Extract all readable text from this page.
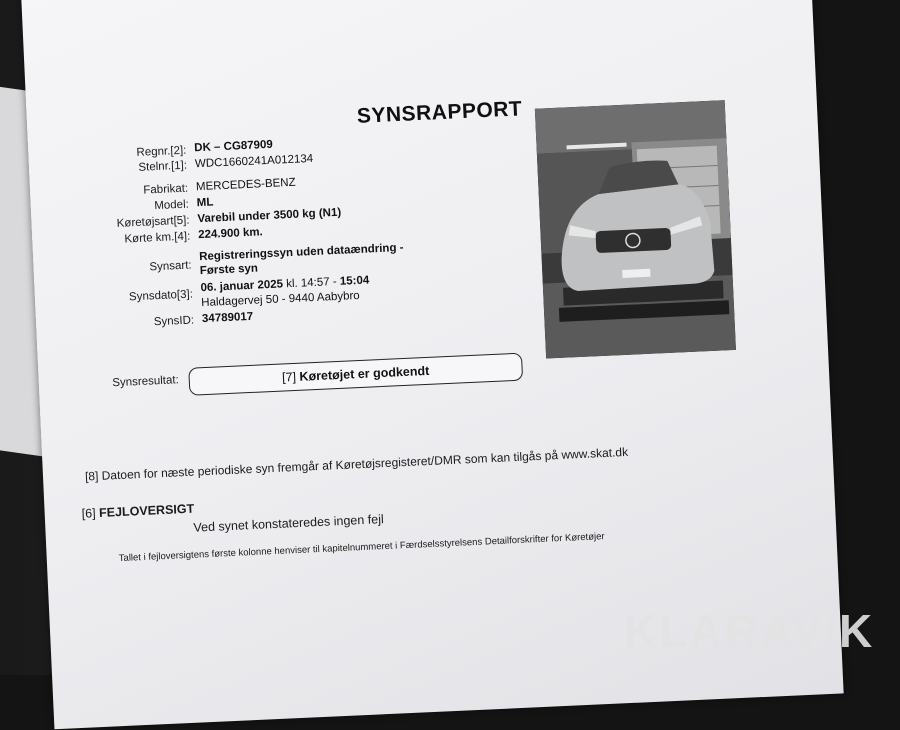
SYNSRAPPORT
Regnr.[2]: DK – CG87909
Stelnr.[1]: WDC1660241A012134
Fabrikat: MERCEDES-BENZ
Model: ML
Køretøjsart[5]: Varebil under 3500 kg (N1)
Kørte km.[4]: 224.900 km.
Synsart:
Registreringssyn uden dataændring -
Første syn
Synsdato[3]:
06. januar 2025 kl. 14:57 - 15:04
Haldagervej 50 - 9440 Aabybro
SynsID: 34789017
Synsresultat:	[7] Køretøjet er godkendt
[8] Datoen for næste periodiske syn fremgår af Køretøjsregisteret/DMR som kan tilgås på www.skat.dk
[6] FEJLOVERSIGT
Ved synet konstateredes ingen fejl
Tallet i fejloversigtens første kolonne henviser til kapitelnummeret i Færdselsstyrelsens Detailforskrifter for Køretøjer
KLARAVIK
